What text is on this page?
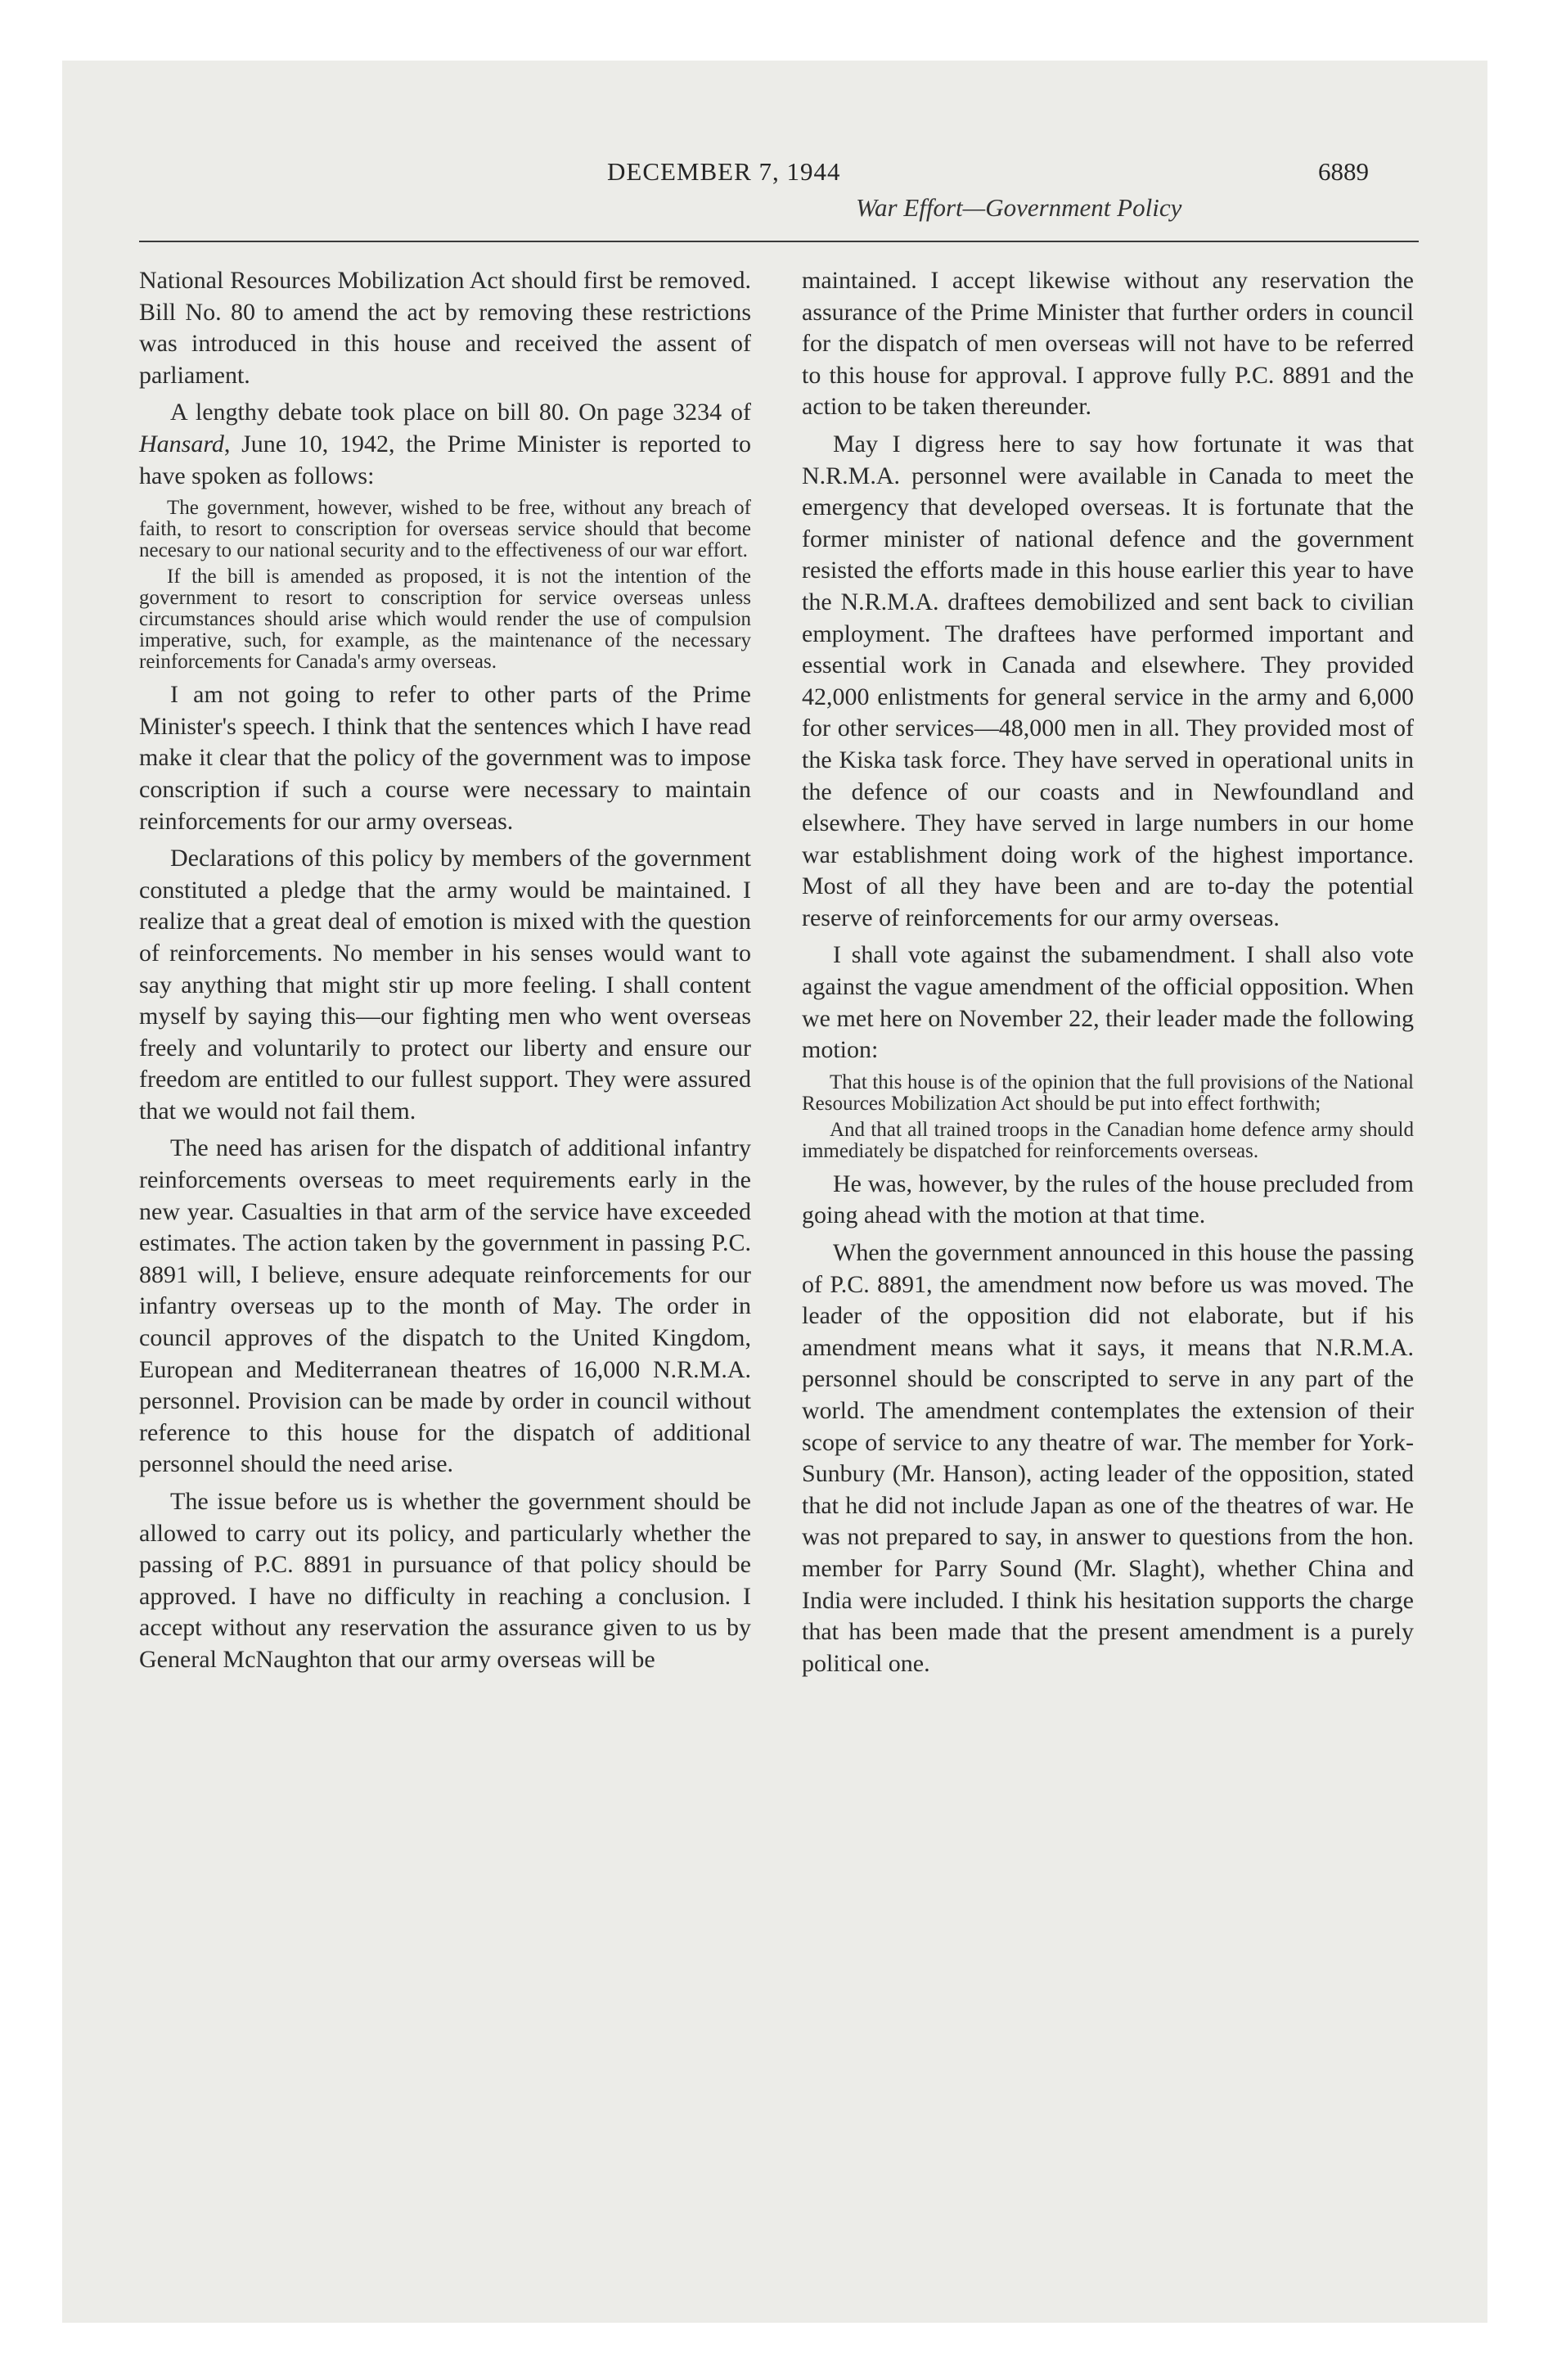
DECEMBER 7, 1944	6889
War Effort—Government Policy

National Resources Mobilization Act should first be removed. Bill No. 80 to amend the act by removing these restrictions was introduced in this house and received the assent of parliament.

A lengthy debate took place on bill 80. On page 3234 of Hansard, June 10, 1942, the Prime Minister is reported to have spoken as follows:

The government, however, wished to be free, without any breach of faith, to resort to conscription for overseas service should that become necesary to our national security and to the effectiveness of our war effort.

If the bill is amended as proposed, it is not the intention of the government to resort to conscription for service overseas unless circumstances should arise which would render the use of compulsion imperative, such, for example, as the maintenance of the necessary reinforcements for Canada's army overseas.

I am not going to refer to other parts of the Prime Minister's speech. I think that the sentences which I have read make it clear that the policy of the government was to impose conscription if such a course were necessary to maintain reinforcements for our army overseas.

Declarations of this policy by members of the government constituted a pledge that the army would be maintained. I realize that a great deal of emotion is mixed with the question of reinforcements. No member in his senses would want to say anything that might stir up more feeling. I shall content myself by saying this—our fighting men who went overseas freely and voluntarily to protect our liberty and ensure our freedom are entitled to our fullest support. They were assured that we would not fail them.

The need has arisen for the dispatch of additional infantry reinforcements overseas to meet requirements early in the new year. Casualties in that arm of the service have exceeded estimates. The action taken by the government in passing P.C. 8891 will, I believe, ensure adequate reinforcements for our infantry overseas up to the month of May. The order in council approves of the dispatch to the United Kingdom, European and Mediterranean theatres of 16,000 N.R.M.A. personnel. Provision can be made by order in council without reference to this house for the dispatch of additional personnel should the need arise.

The issue before us is whether the government should be allowed to carry out its policy, and particularly whether the passing of P.C. 8891 in pursuance of that policy should be approved. I have no difficulty in reaching a conclusion. I accept without any reservation the assurance given to us by General McNaughton that our army overseas will be

maintained. I accept likewise without any reservation the assurance of the Prime Minister that further orders in council for the dispatch of men overseas will not have to be referred to this house for approval. I approve fully P.C. 8891 and the action to be taken thereunder.

May I digress here to say how fortunate it was that N.R.M.A. personnel were available in Canada to meet the emergency that developed overseas. It is fortunate that the former minister of national defence and the government resisted the efforts made in this house earlier this year to have the N.R.M.A. draftees demobilized and sent back to civilian employment. The draftees have performed important and essential work in Canada and elsewhere. They provided 42,000 enlistments for general service in the army and 6,000 for other services—48,000 men in all. They provided most of the Kiska task force. They have served in operational units in the defence of our coasts and in Newfoundland and elsewhere. They have served in large numbers in our home war establishment doing work of the highest importance. Most of all they have been and are to-day the potential reserve of reinforcements for our army overseas.

I shall vote against the subamendment. I shall also vote against the vague amendment of the official opposition. When we met here on November 22, their leader made the following motion:

That this house is of the opinion that the full provisions of the National Resources Mobilization Act should be put into effect forthwith;

And that all trained troops in the Canadian home defence army should immediately be dispatched for reinforcements overseas.

He was, however, by the rules of the house precluded from going ahead with the motion at that time.

When the government announced in this house the passing of P.C. 8891, the amendment now before us was moved. The leader of the opposition did not elaborate, but if his amendment means what it says, it means that N.R.M.A. personnel should be conscripted to serve in any part of the world. The amendment contemplates the extension of their scope of service to any theatre of war. The member for York-Sunbury (Mr. Hanson), acting leader of the opposition, stated that he did not include Japan as one of the theatres of war. He was not prepared to say, in answer to questions from the hon. member for Parry Sound (Mr. Slaght), whether China and India were included. I think his hesitation supports the charge that has been made that the present amendment is a purely political one.
